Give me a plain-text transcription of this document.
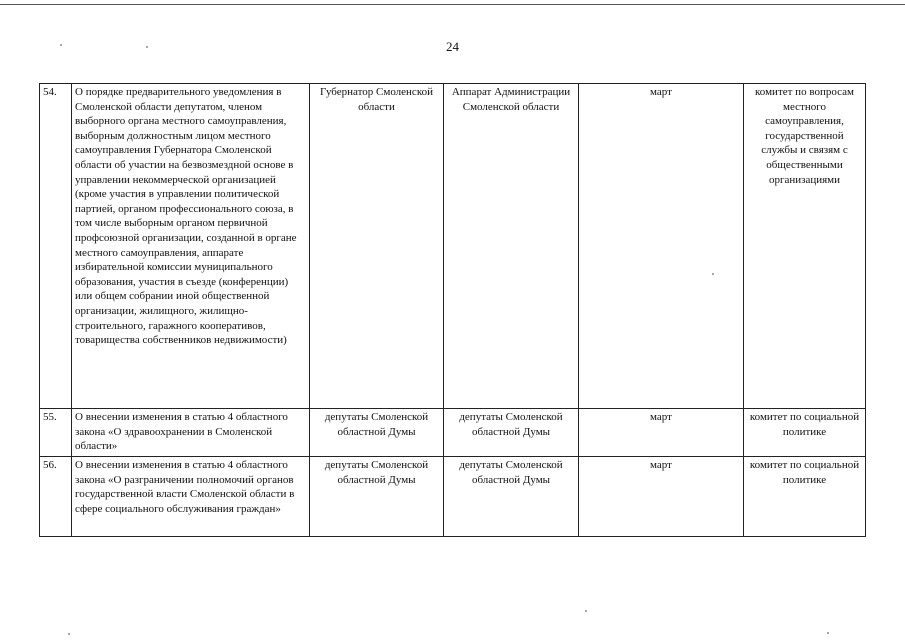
24
54.	О порядке предварительного уведомления в Смоленской области депутатом, членом выборного органа местного самоуправления, выборным должностным лицом местного самоуправления Губернатора Смоленской области об участии на безвозмездной основе в управлении некоммерческой организацией (кроме участия в управлении политической партией, органом профессионального союза, в том числе выборным органом первичной профсоюзной организации, созданной в органе местного самоуправления, аппарате избирательной комиссии муниципального образования, участия в съезде (конференции) или общем собрании иной общественной организации, жилищного, жилищно-строительного, гаражного кооперативов, товарищества собственников недвижимости)	Губернатор Смоленской области	Аппарат Администрации Смоленской области	март	комитет по вопросам местного самоуправления, государственной службы и связям с общественными организациями
55.	О внесении изменения в статью 4 областного закона «О здравоохранении в Смоленской области»	депутаты Смоленской областной Думы	депутаты Смоленской областной Думы	март	комитет по социальной политике
56.	О внесении изменения в статью 4 областного закона «О разграничении полномочий органов государственной власти Смоленской области в сфере социального обслуживания граждан»	депутаты Смоленской областной Думы	депутаты Смоленской областной Думы	март	комитет по социальной политике
